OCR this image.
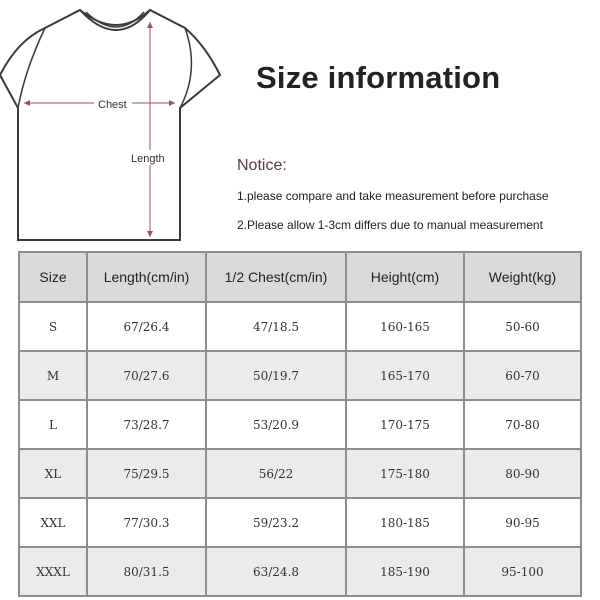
Chest
Length
Size information
Notice:
1.please compare and take measurement before purchase
2.Please allow 1-3cm differs due to manual measurement
Size	Length(cm/in)	1/2 Chest(cm/in)	Height(cm)	Weight(kg)
S	67/26.4	47/18.5	160-165	50-60
M	70/27.6	50/19.7	165-170	60-70
L	73/28.7	53/20.9	170-175	70-80
XL	75/29.5	56/22	175-180	80-90
XXL	77/30.3	59/23.2	180-185	90-95
XXXL	80/31.5	63/24.8	185-190	95-100
